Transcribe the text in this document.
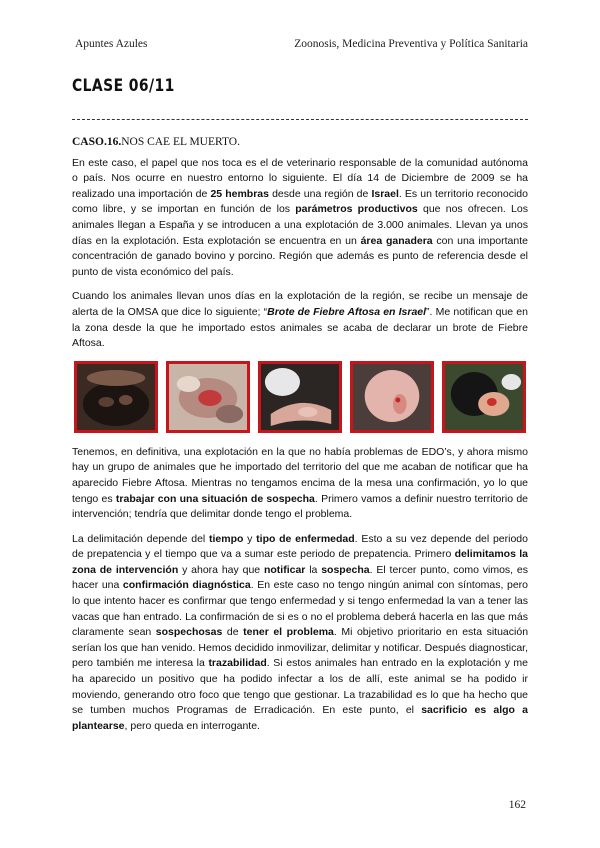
Apuntes Azules	Zoonosis, Medicina Preventiva y Política Sanitaria
CLASE 06/11
CASO.16.NOS CAE EL MUERTO.

En este caso, el papel que nos toca es el de veterinario responsable de la comunidad autónoma o país. Nos ocurre en nuestro entorno lo siguiente. El día 14 de Diciembre de 2009 se ha realizado una importación de 25 hembras desde una región de Israel. Es un territorio reconocido como libre, y se importan en función de los parámetros productivos que nos ofrecen. Los animales llegan a España y se introducen a una explotación de 3.000 animales. Llevan ya unos días en la explotación. Esta explotación se encuentra en un área ganadera con una importante concentración de ganado bovino y porcino. Región que además es punto de referencia desde el punto de vista económico del país.

Cuando los animales llevan unos días en la explotación de la región, se recibe un mensaje de alerta de la OMSA que dice lo siguiente; “Brote de Fiebre Aftosa en Israel”. Me notifican que en la zona desde la que he importado estos animales se acaba de declarar un brote de Fiebre Aftosa.

Tenemos, en definitiva, una explotación en la que no había problemas de EDO’s, y ahora mismo hay un grupo de animales que he importado del territorio del que me acaban de notificar que ha aparecido Fiebre Aftosa. Mientras no tengamos encima de la mesa una confirmación, yo lo que tengo es trabajar con una situación de sospecha. Primero vamos a definir nuestro territorio de intervención; tendría que delimitar donde tengo el problema.

La delimitación depende del tiempo y tipo de enfermedad. Esto a su vez depende del periodo de prepatencia y el tiempo que va a sumar este periodo de prepatencia. Primero delimitamos la zona de intervención y ahora hay que notificar la sospecha. El tercer punto, como vimos, es hacer una confirmación diagnóstica. En este caso no tengo ningún animal con síntomas, pero lo que intento hacer es confirmar que tengo enfermedad y si tengo enfermedad la van a tener las vacas que han entrado. La confirmación de si es o no el problema deberá hacerla en las que más claramente sean sospechosas de tener el problema. Mi objetivo prioritario en esta situación serían los que han venido. Hemos decidido inmovilizar, delimitar y notificar. Después diagnosticar, pero también me interesa la trazabilidad. Si estos animales han entrado en la explotación y me ha aparecido un positivo que ha podido infectar a los de allí, este animal se ha podido ir moviendo, generando otro foco que tengo que gestionar. La trazabilidad es lo que ha hecho que se tumben muchos Programas de Erradicación. En este punto, el sacrificio es algo a plantearse, pero queda en interrogante.

162
